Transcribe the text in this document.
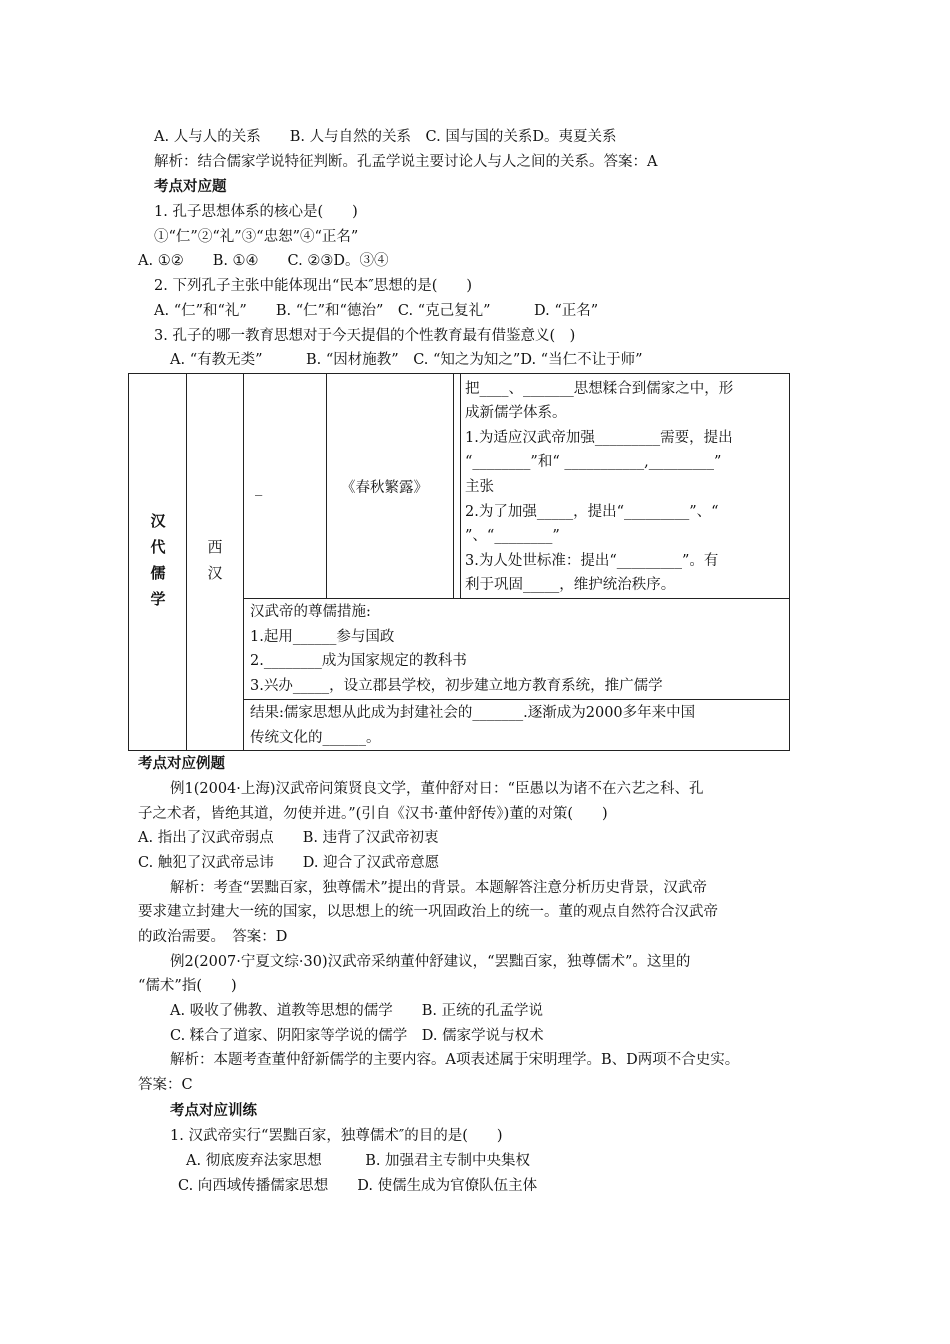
A. 人与人的关系　　B. 人与自然的关系　C. 国与国的关系D。夷夏关系
解析：结合儒家学说特征判断。孔孟学说主要讨论人与人之间的关系。答案：A
考点对应题
1. 孔子思想体系的核心是(　　)
①“仁”②“礼”③“忠恕”④“正名”
A. ①②　　B. ①④　　C. ②③D。③④
2. 下列孔子主张中能体现出“民本″思想的是(　　)
A. “仁”和“礼”　　B. “仁”和“德治”　C. “克己复礼”　　　D. “正名”
3. 孔子的哪一教育思想对于今天提倡的个性教育最有借鉴意义(　)
A. “有教无类”　　　B. “因材施教”　C. “知之为知之”D. “当仁不让于师”
汉代儒学
西汉
_	《春秋繁露》
把____、_______思想糅合到儒家之中，形
成新儒学体系。
1.为适应汉武帝加强_________需要，提出
“________”和“ ___________,_________”
主张
2.为了加强_____，提出“_________”、“
”、“________”
3.为人处世标准：提出“_________”。有
利于巩固_____，维护统治秩序。
汉武帝的尊儒措施:
1.起用______参与国政
2.________成为国家规定的教科书
3.兴办_____，设立郡县学校，初步建立地方教育系统，推广儒学
结果:儒家思想从此成为封建社会的_______.逐渐成为2000多年来中国
传统文化的______。
考点对应例题
例1(2004·上海)汉武帝问策贤良文学，董仲舒对日：“臣愚以为诸不在六艺之科、孔
子之术者，皆绝其道，勿使并进。”(引自《汉书·董仲舒传》)董的对策(　　)
A. 指出了汉武帝弱点　　B. 违背了汉武帝初衷
C. 触犯了汉武帝忌讳　　D. 迎合了汉武帝意愿
解析：考查“罢黜百家，独尊儒术”提出的背景。本题解答注意分析历史背景，汉武帝
要求建立封建大一统的国家，以思想上的统一巩固政治上的统一。董的观点自然符合汉武帝
的政治需要。　答案：D
例2(2007·宁夏文综·30)汉武帝采纳董仲舒建议，“罢黜百家，独尊儒术”。这里的
“儒术”指(　　)
A. 吸收了佛教、道教等思想的儒学　　B. 正统的孔孟学说
C. 糅合了道家、阴阳家等学说的儒学　D. 儒家学说与权术
解析：本题考查董仲舒新儒学的主要内容。A项表述属于宋明理学。B、D两项不合史实。
答案：C
考点对应训练
1. 汉武帝实行“罢黜百家，独尊儒术″的目的是(　　)
A. 彻底废弃法家思想　　　B. 加强君主专制中央集权
C. 向西域传播儒家思想　　D. 使儒生成为官僚队伍主体
